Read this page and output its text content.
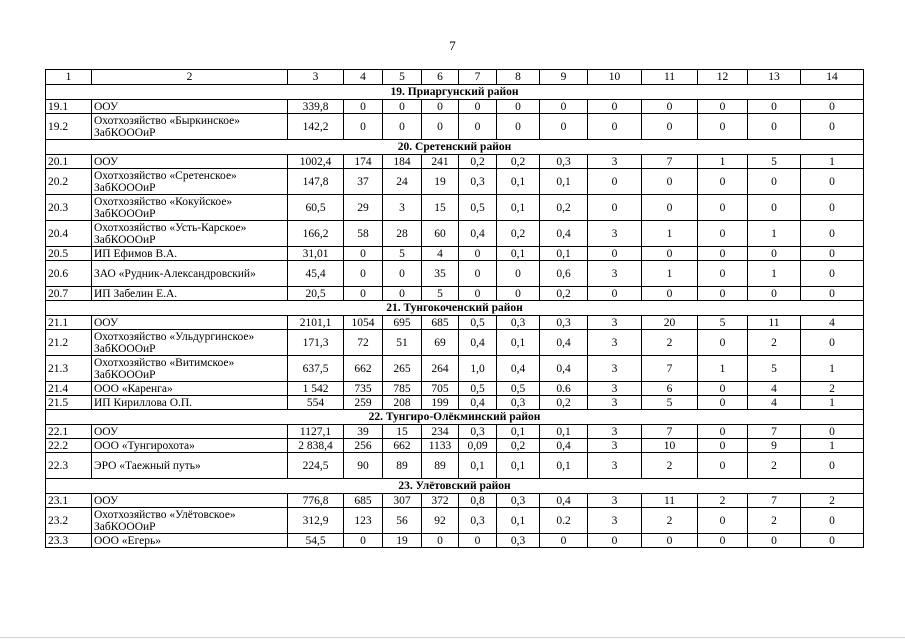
7
1	2	3	4	5	6	7	8	9	10	11	12	13	14
19. Приаргунский район													
19.1	ООУ	339,8	0	0	0	0	0	0	0	0	0	0	0
19.2	Охотхозяйство «Быркинское» ЗабКОООиР	142,2	0	0	0	0	0	0	0	0	0	0	0
20. Сретенский район													
20.1	ООУ	1002,4	174	184	241	0,2	0,2	0,3	3	7	1	5	1
20.2	Охотхозяйство «Сретенское» ЗабКОООиР	147,8	37	24	19	0,3	0,1	0,1	0	0	0	0	0
20.3	Охотхозяйство «Кокуйское» ЗабКОООиР	60,5	29	3	15	0,5	0,1	0,2	0	0	0	0	0
20.4	Охотхозяйство «Усть-Карское» ЗабКОООиР	166,2	58	28	60	0,4	0,2	0,4	3	1	0	1	0
20.5	ИП Ефимов В.А.	31,01	0	5	4	0	0,1	0,1	0	0	0	0	0
20.6	ЗАО «Рудник-Александровский»	45,4	0	0	35	0	0	0,6	3	1	0	1	0
20.7	ИП Забелин Е.А.	20,5	0	0	5	0	0	0,2	0	0	0	0	0
21. Тунгокоченский район													
21.1	ООУ	2101,1	1054	695	685	0,5	0,3	0,3	3	20	5	11	4
21.2	Охотхозяйство «Ульдургинское» ЗабКОООиР	171,3	72	51	69	0,4	0,1	0,4	3	2	0	2	0
21.3	Охотхозяйство «Витимское» ЗабКОООиР	637,5	662	265	264	1,0	0,4	0,4	3	7	1	5	1
21.4	ООО «Каренга»	1 542	735	785	705	0,5	0,5	0.6	3	6	0	4	2
21.5	ИП Кириллова О.П.	554	259	208	199	0,4	0,3	0,2	3	5	0	4	1
22. Тунгиро-Олёкминский район													
22.1	ООУ	1127,1	39	15	234	0,3	0,1	0,1	3	7	0	7	0
22.2	ООО «Тунгирохота»	2 838,4	256	662	1133	0,09	0,2	0,4	3	10	0	9	1
22.3	ЭРО «Таежный путь»	224,5	90	89	89	0,1	0,1	0,1	3	2	0	2	0
23. Улётовский район													
23.1	ООУ	776,8	685	307	372	0,8	0,3	0,4	3	11	2	7	2
23.2	Охотхозяйство «Улётовское» ЗабКОООиР	312,9	123	56	92	0,3	0,1	0.2	3	2	0	2	0
23.3	ООО «Егерь»	54,5	0	19	0	0	0,3	0	0	0	0	0	0
